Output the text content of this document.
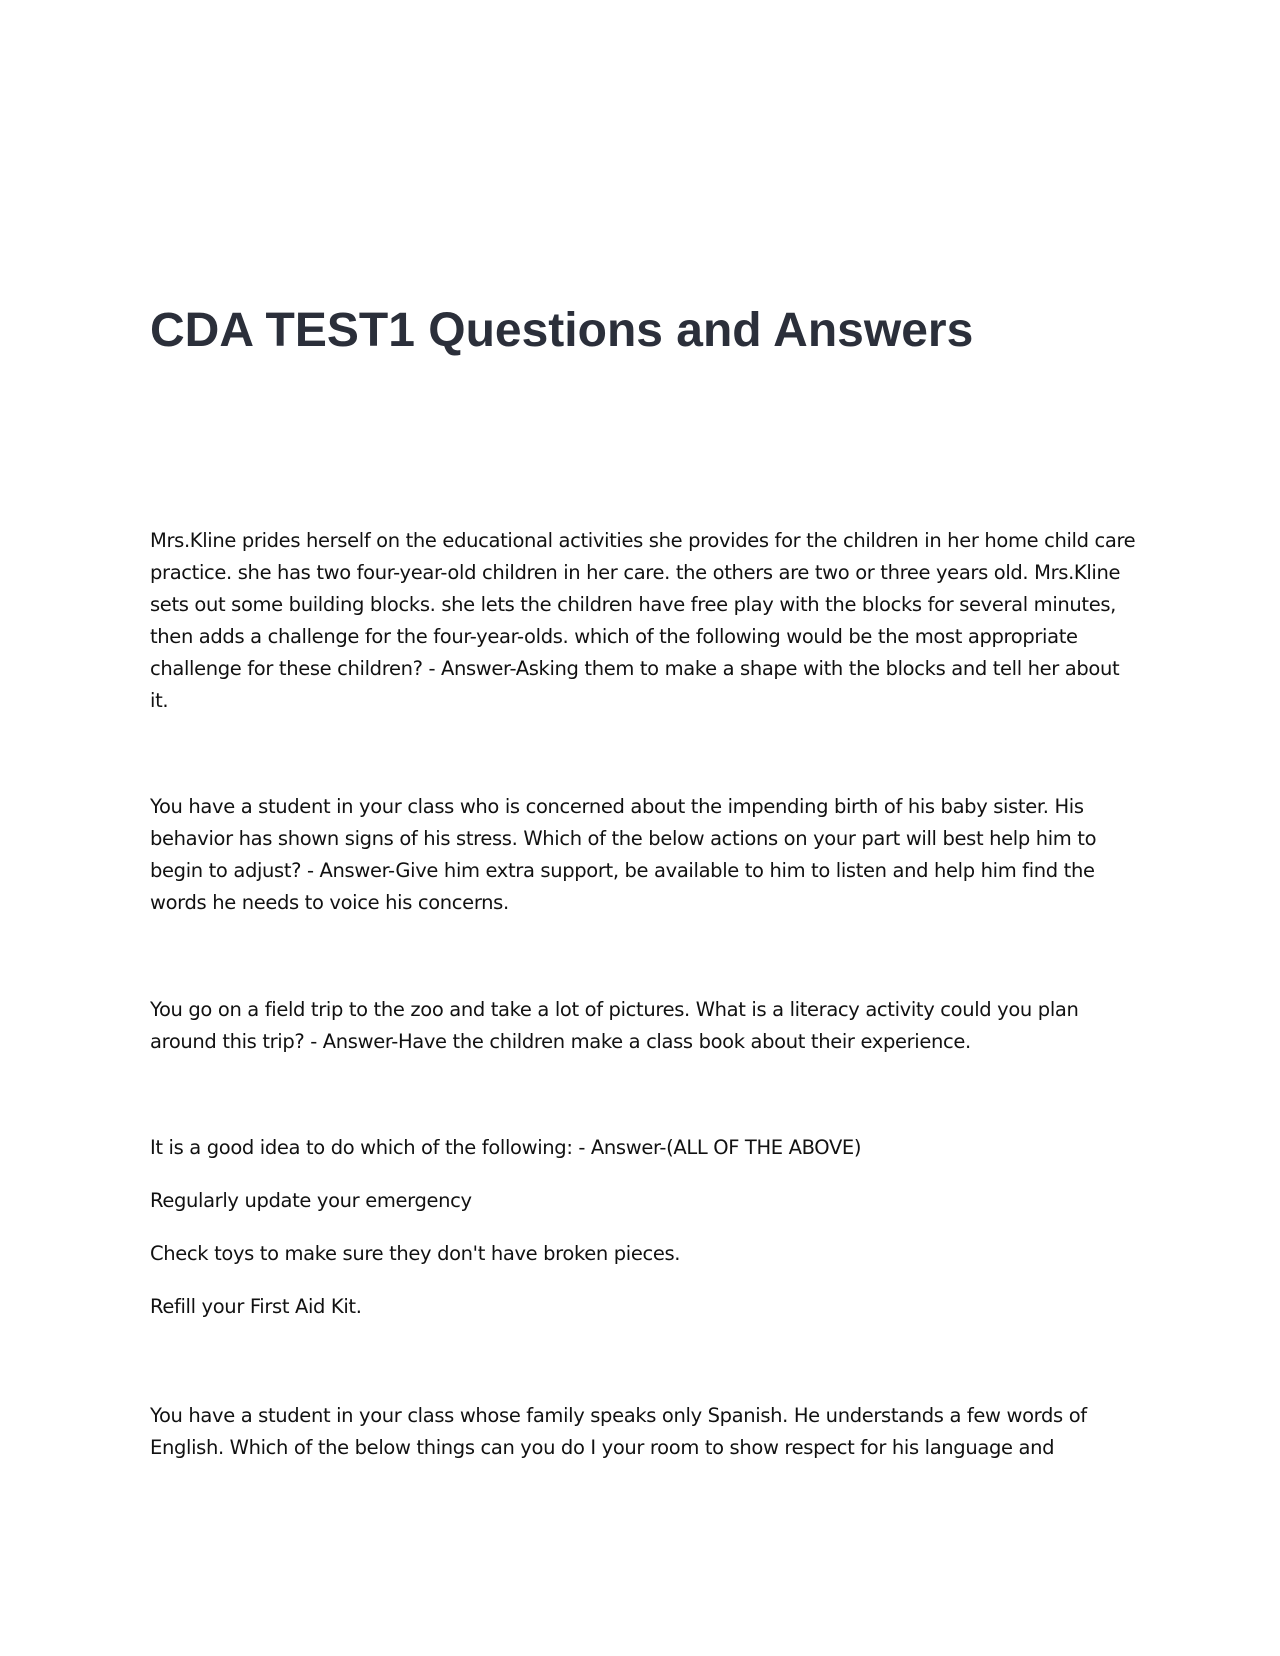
CDA TEST1 Questions and Answers
Mrs.Kline prides herself on the educational activities she provides for the children in her home child care
practice. she has two four-year-old children in her care. the others are two or three years old. Mrs.Kline
sets out some building blocks. she lets the children have free play with the blocks for several minutes,
then adds a challenge for the four-year-olds. which of the following would be the most appropriate
challenge for these children? - Answer-Asking them to make a shape with the blocks and tell her about
it.
You have a student in your class who is concerned about the impending birth of his baby sister. His
behavior has shown signs of his stress. Which of the below actions on your part will best help him to
begin to adjust? - Answer-Give him extra support, be available to him to listen and help him find the
words he needs to voice his concerns.
You go on a field trip to the zoo and take a lot of pictures. What is a literacy activity could you plan
around this trip? - Answer-Have the children make a class book about their experience.
It is a good idea to do which of the following: - Answer-(ALL OF THE ABOVE)
Regularly update your emergency
Check toys to make sure they don't have broken pieces.
Refill your First Aid Kit.
You have a student in your class whose family speaks only Spanish. He understands a few words of
English. Which of the below things can you do I your room to show respect for his language and
